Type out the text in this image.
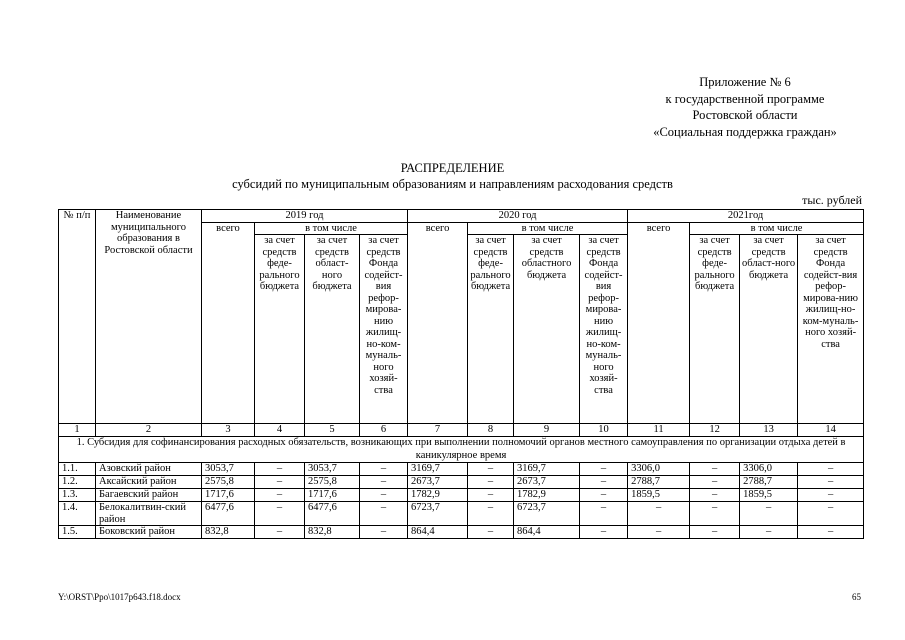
Приложение № 6
к государственной программе
Ростовской области
«Социальная поддержка граждан»
РАСПРЕДЕЛЕНИЕ
субсидий по муниципальным образованиям и направлениям расходования средств
тыс. рублей
№ п/п	Наименование муниципального образования в Ростовской области	2019 год				2020 год				2021год			
		всего	в том числе			всего	в том числе			всего	в том числе		
			за счет средств феде-рального бюджета	за счет средств област-ного бюджета	за счет средств Фонда содейст-вия рефор-мирова-нию жилищ-но-ком-муналь-ного хозяй-ства		за счет средств феде-рального бюджета	за счет средств областного бюджета	за счет средств Фонда содейст-вия рефор-мирова-нию жилищ-но-ком-муналь-ного хозяй-ства		за счет средств феде-рального бюджета	за счет средств област-ного бюджета	за счет средств Фонда содейст-вия рефор-мирова-нию жилищ-но-ком-муналь-ного хозяй-ства
1	2	3	4	5	6	7	8	9	10	11	12	13	14
1. Субсидия для софинансирования расходных обязательств, возникающих при выполнении полномочий органов местного самоуправления по организации отдыха детей в каникулярное время													
1.1.	Азовский район	3053,7	–	3053,7	–	3169,7	–	3169,7	–	3306,0	–	3306,0	–
1.2.	Аксайский район	2575,8	–	2575,8	–	2673,7	–	2673,7	–	2788,7	–	2788,7	–
1.3.	Багаевский район	1717,6	–	1717,6	–	1782,9	–	1782,9	–	1859,5	–	1859,5	–
1.4.	Белокалитвин-ский район	6477,6	–	6477,6	–	6723,7	–	6723,7	–	–	–	–	–
1.5.	Боковский район	832,8	–	832,8	–	864,4	–	864,4	–	–	–	–	–
Y:\ORST\Ppo\1017p643.f18.docx	65
